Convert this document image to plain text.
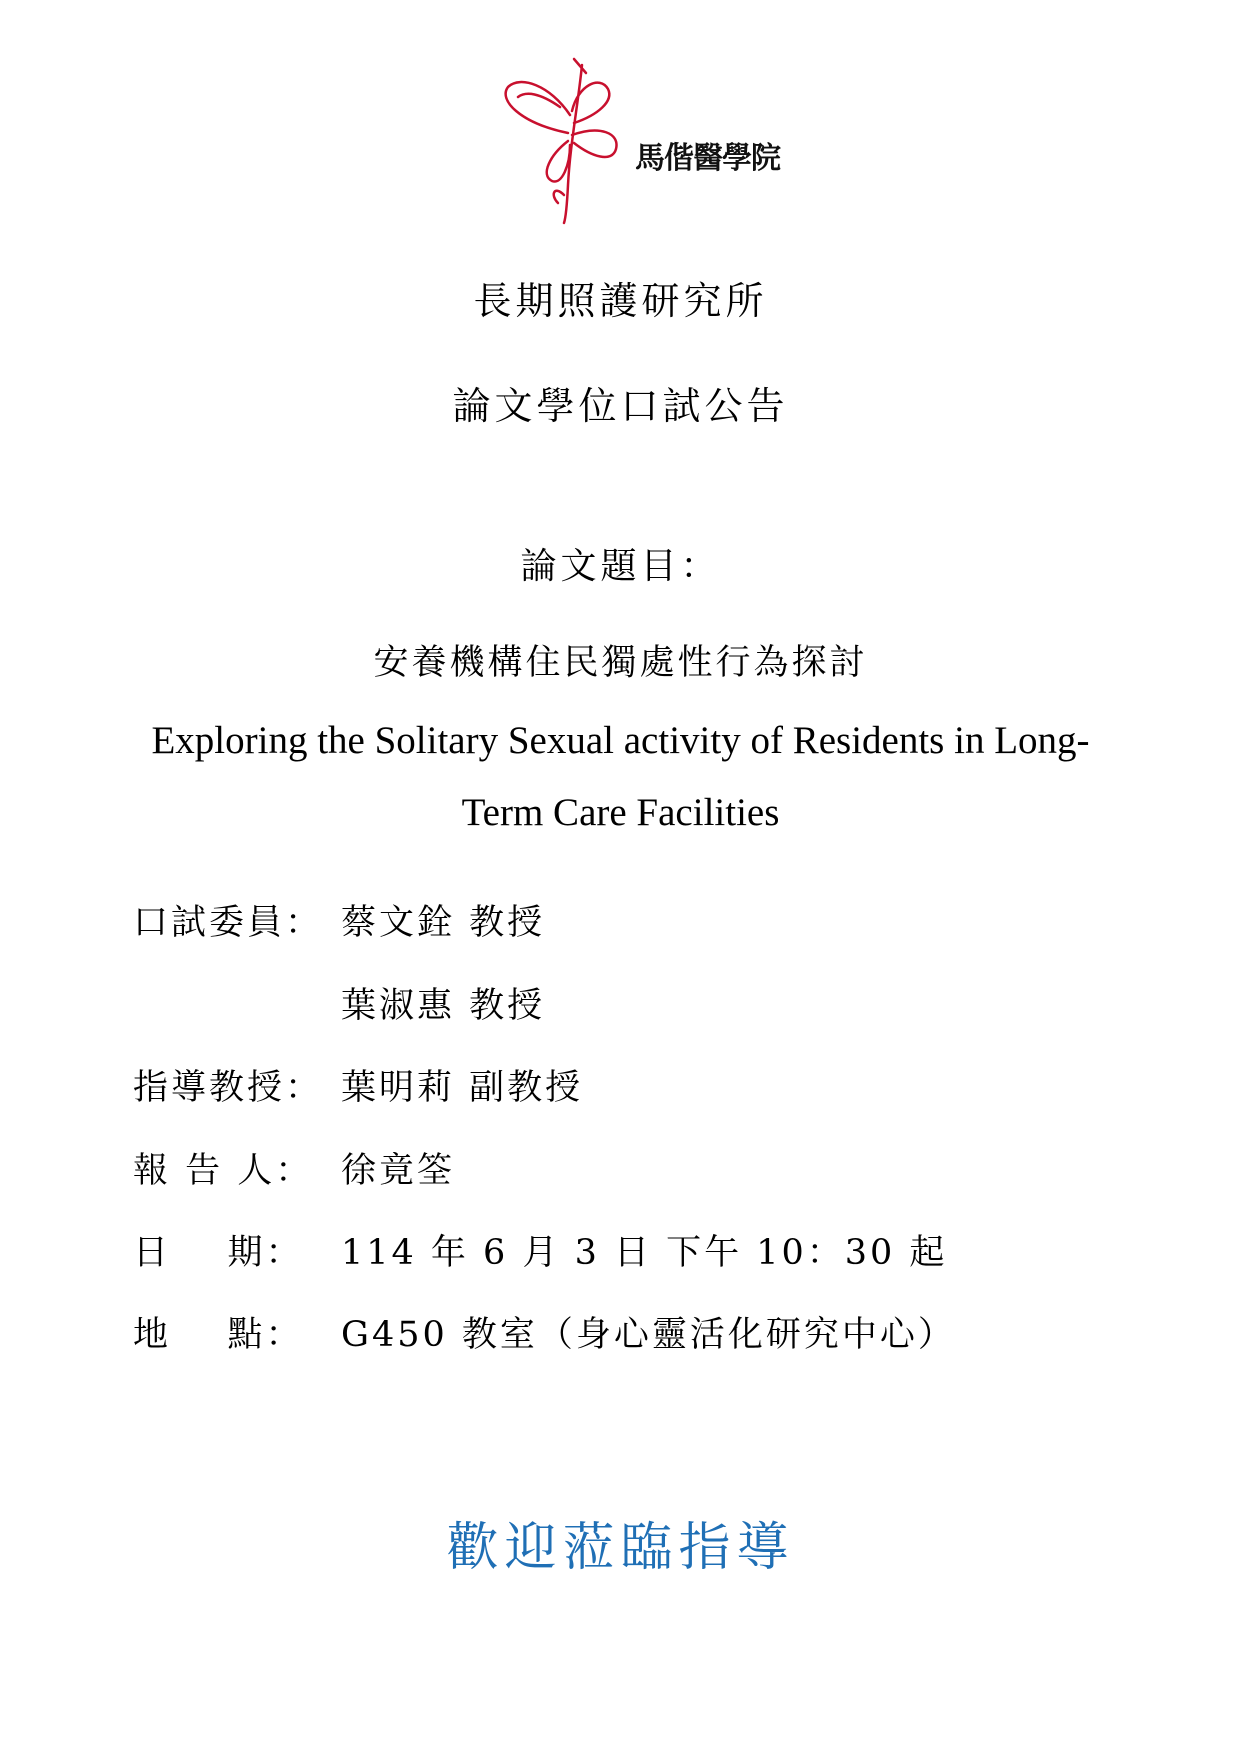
馬偕醫學院
長期照護研究所
論文學位口試公告
論文題目：
安養機構住民獨處性行為探討
Exploring the Solitary Sexual activity of Residents in Long-Term Care Facilities
口試委員： 蔡文銓 教授
葉淑惠 教授
指導教授： 葉明莉 副教授
報 告 人： 徐竟筌
日    期： 114 年 6 月 3 日 下午 10：30 起
地    點： G450 教室（身心靈活化研究中心）
歡迎蒞臨指導
